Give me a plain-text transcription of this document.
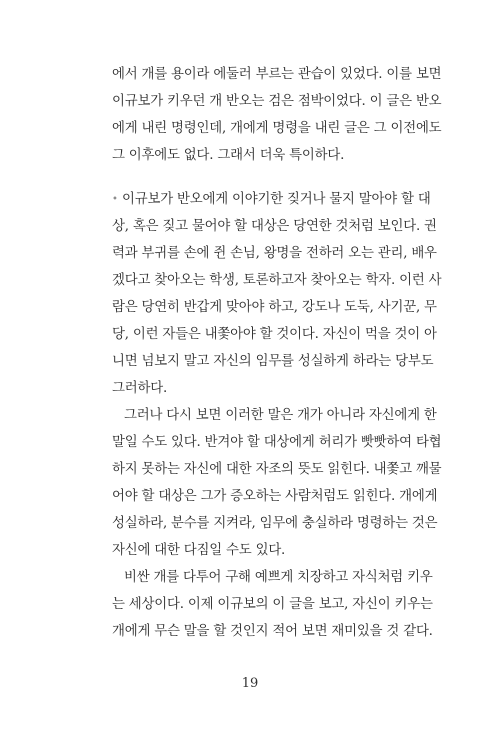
에서 개를 용이라 에둘러 부르는 관습이 있었다. 이를 보면
이규보가 키우던 개 반오는 검은 점박이었다. 이 글은 반오
에게 내린 명령인데, 개에게 명령을 내린 글은 그 이전에도
그 이후에도 없다. 그래서 더욱 특이하다.
• 이규보가 반오에게 이야기한 짖거나 물지 말아야 할 대
상, 혹은 짖고 물어야 할 대상은 당연한 것처럼 보인다. 권
력과 부귀를 손에 쥔 손님, 왕명을 전하러 오는 관리, 배우
겠다고 찾아오는 학생, 토론하고자 찾아오는 학자. 이런 사
람은 당연히 반갑게 맞아야 하고, 강도나 도둑, 사기꾼, 무
당, 이런 자들은 내쫓아야 할 것이다. 자신이 먹을 것이 아
니면 넘보지 말고 자신의 임무를 성실하게 하라는 당부도
그러하다.
그러나 다시 보면 이러한 말은 개가 아니라 자신에게 한
말일 수도 있다. 반겨야 할 대상에게 허리가 빳빳하여 타협
하지 못하는 자신에 대한 자조의 뜻도 읽힌다. 내쫓고 깨물
어야 할 대상은 그가 증오하는 사람처럼도 읽힌다. 개에게
성실하라, 분수를 지켜라, 임무에 충실하라 명령하는 것은
자신에 대한 다짐일 수도 있다.
비싼 개를 다투어 구해 예쁘게 치장하고 자식처럼 키우
는 세상이다. 이제 이규보의 이 글을 보고, 자신이 키우는
개에게 무슨 말을 할 것인지 적어 보면 재미있을 것 같다.
19
